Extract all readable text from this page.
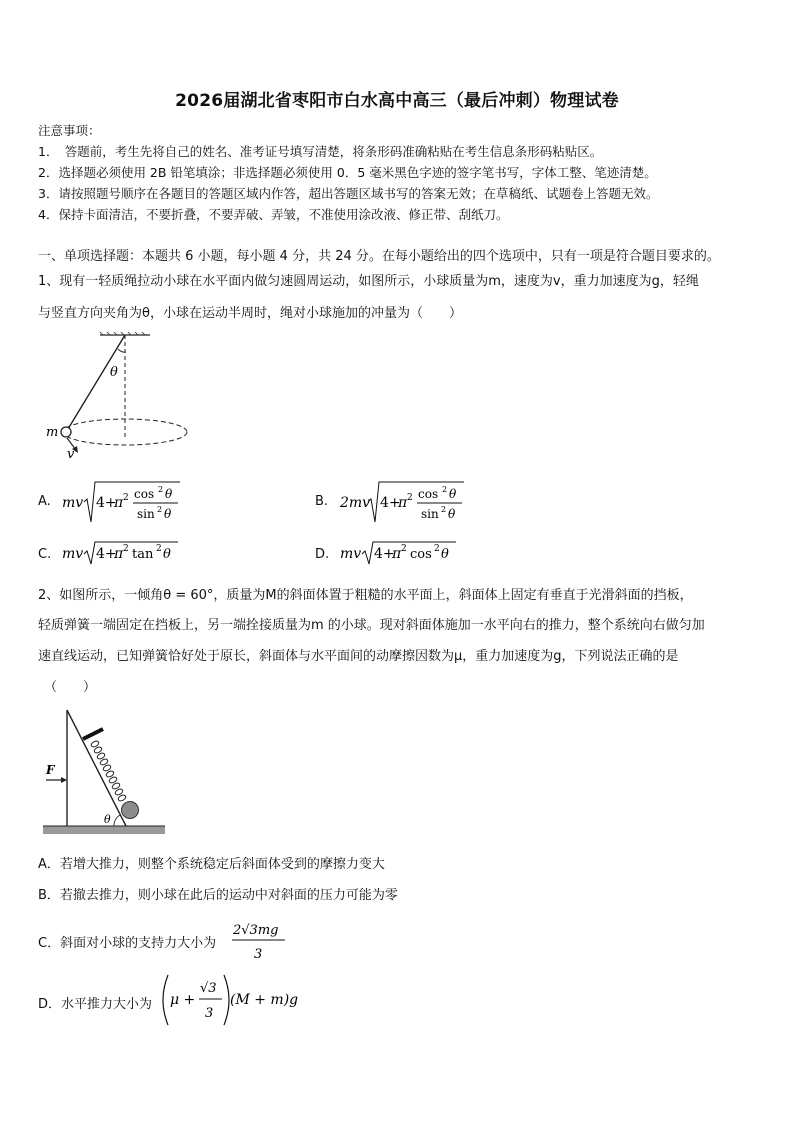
2026届湖北省枣阳市白水高中高三（最后冲刺）物理试卷
注意事项：
1．　答题前，考生先将自己的姓名、准考证号填写清楚，将条形码准确粘贴在考生信息条形码粘贴区。
2．选择题必须使用 2B 铅笔填涂；非选择题必须使用 0．5 毫米黑色字迹的签字笔书写，字体工整、笔迹清楚。
3．请按照题号顺序在各题目的答题区域内作答，超出答题区域书写的答案无效；在草稿纸、试题卷上答题无效。
4．保持卡面清洁，不要折叠，不要弄破、弄皱，不准使用涂改液、修正带、刮纸刀。
一、单项选择题：本题共 6 小题，每小题 4 分，共 24 分。在每小题给出的四个选项中，只有一项是符合题目要求的。
1、现有一轻质绳拉动小球在水平面内做匀速圆周运动，如图所示，小球质量为m，速度为v，重力加速度为g，轻绳
与竖直方向夹角为θ，小球在运动半周时，绳对小球施加的冲量为（　　）
θ
m
v
A. mv 4+
π 2 cos 2 θ
sin 2 θ
B. 2mv 4+
π 2 cos 2 θ
sin 2 θ
C. mv 4+
π 2 tan 2 θ	D. mv 4+
π 2 cos 2 θ
2、如图所示，一倾角θ = 60°，质量为M的斜面体置于粗糙的水平面上，斜面体上固定有垂直于光滑斜面的挡板，
轻质弹簧一端固定在挡板上，另一端拴接质量为m 的小球。现对斜面体施加一水平向右的推力，整个系统向右做匀加
速直线运动，已知弹簧恰好处于原长，斜面体与水平面间的动摩擦因数为μ，重力加速度为g，下列说法正确的是
（　　）
θ
F
A．若增大推力，则整个系统稳定后斜面体受到的摩擦力变大
B．若撤去推力，则小球在此后的运动中对斜面的压力可能为零
C．斜面对小球的支持力大小为
2√3mg
3
D．水平推力大小为 μ +
√3
3
(M + m)g
